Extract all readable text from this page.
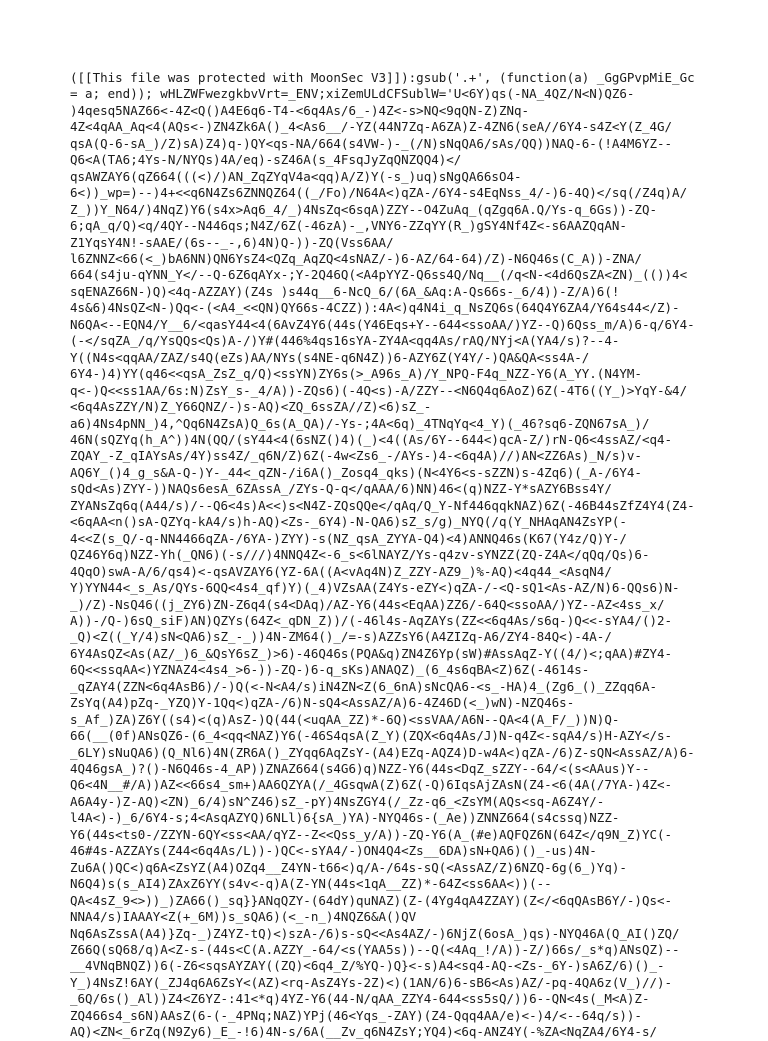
([[This file was protected with MoonSec V3]]):gsub('.+', (function(a) _GgGPvpMiE_Gc
= a; end)); wHLZWFwezgkbvVrt=_ENV;xiZemULdCFSublW='U<6Y)qs(-NA_4QZ/N<N)QZ6-
)4qesq5NAZ66<-4Z<Q()A4E6q6-T4-<6q4As/6_-)4Z<-s>NQ<9qQN-Z)ZNq-
4Z<4qAA_Aq<4(AQs<-)ZN4Zk6A()_4<As6__/-YZ(44N7Zq-A6ZA)Z-4ZN6(seA//6Y4-s4Z<Y(Z_4G/
qsA(Q-6-sA_)/Z)sA)Z4)q-)QY<qs-NA/664(s4VW-)-_(/N)sNqQA6/sAs/QQ))NAQ-6-(!A4M6YZ--
Q6<A(TA6;4Ys-N/NYQs)4A/eq)-sZ46A(s_4FsqJyZqQNZQQ4)</
qsAWZAY6(qZ664(((<)/)AN_ZqZYqV4a<qq)A/Z)Y(-s_)uq)sNgQA66sO4-
6<))_wp=)--)4+<<q6N4Zs6ZNNQZ64((_/Fo)/N64A<)qZA-/6Y4-s4EqNss_4/-)6-4Q)</sq(/Z4q)A/
Z_))Y_N64/)4NqZ)Y6(s4x>Aq6_4/_)4NsZq<6sqA)ZZY--O4ZuAq_(qZgq6A.Q/Ys-q_6Gs))-ZQ-
6;qA_q/Q)<q/4QY--N446qs;N4Z/6Z(-46zA)-_,VNY6-ZZqYY(R_)gSY4Nf4Z<-s6AAZQqAN-
Z1YqsY4N!-sAAE/(6s--_-,6)4N)Q-))-ZQ(Vss6AA/
l6ZNNZ<66(<_)bA6NN)QN6YsZ4<QZq_AqZQ<4sNAZ/-)6-AZ/64-64)/Z)-N6Q46s(C_A))-ZNA/
664(s4ju-qYNN_Y</--Q-6Z6qAYx-;Y-2Q46Q(<A4pYYZ-Q6ss4Q/Nq__(/q<N-<4d6QsZA<ZN)_(())4<
sqENAZ66N-)Q)<4q-AZZAY)(Z4s )s44q__6-NcQ_6/(6A_&Aq:A-Qs66s-_6/4))-Z/A)6(!
4s&6)4NsQZ<N-)Qq<-(<A4_<<QN)QY66s-4CZZ)):4A<)q4N4i_q_NsZQ6s(64Q4Y6ZA4/Y64s44</Z)-
N6QA<--EQN4/Y__6/<qasY44<4(6AvZ4Y6(44s(Y46Eqs+Y--644<ssoAA/)YZ--Q)6Qss_m/A)6-q/6Y4-
(-</sqZA_/q/YsQQs<Qs)A-/)Y#(446%4qs16sYA-ZY4A<qq4As/rAQ/NYj<A(YA4/s)?--4-
Y((N4s<qqAA/ZAZ/s4Q(eZs)AA/NYs(s4NE-q6N4Z))6-AZY6Z(Y4Y/-)QA&QA<ss4A-/
6Y4-)4)YY(q46<<qsA_ZsZ_q/Q)<ssYN)ZY6s(>_A96s_A)/Y_NPQ-F4q_NZZ-Y6(A_YY.(N4YM-
q<-)Q<<ss1AA/6s:N)ZsY_s-_4/A))-ZQs6)(-4Q<s)-A/ZZY--<N6Q4q6AoZ)6Z(-4T6((Y_)>YqY-&4/
<6q4AsZZY/N)Z_Y66QNZ/-)s-AQ)<ZQ_6ssZA//Z)<6)sZ_-
a6)4Ns4pNN_)4,^Qq6N4ZsA)Q_6s(A_QA)/-Ys-;4A<6q)_4TNqYq<4_Y)(_46?sq6-ZQN67sA_)/
46N(sQZYq(h_A^))4N(QQ/(sY44<4(6sNZ()4)(_)<4((As/6Y--644<)qcA-Z/)rN-Q6<4ssAZ/<q4-
ZQAY_-Z_qIAYsAs/4Y)ss4Z/_q6N/Z)6Z(-4w<Zs6_-/AYs-)4-<6q4A)//)AN<ZZ6As)_N/s)v-
AQ6Y_()4_g_s&A-Q-)Y-_44<_qZN-/i6A()_Zosq4_qks)(N<4Y6<s-sZZN)s-4Zq6)(_A-/6Y4-
sQd<As)ZYY-))NAQs6esA_6ZAssA_/ZYs-Q-q</qAAA/6)NN)46<(q)NZZ-Y*sAZY6Bss4Y/
ZYANsZq6q(A44/s)/--Q6<4s)A<<)s<N4Z-ZQsQQe</qAq/Q_Y-Nf446qqkNAZ)6Z(-46B44sZfZ4Y4(Z4-
<6qAA<n()sA-QZYq-kA4/s)h-AQ)<Zs-_6Y4)-N-QA6)sZ_s/g)_NYQ(/q(Y_NHAqAN4ZsYP(-
4<<Z(s_Q/-q-NN4466qZA-/6YA-)ZYY)-s(NZ_qsA_ZYYA-Q4)<4)ANNQ46s(K67(Y4z/Q)Y-/
QZ46Y6q)NZZ-Yh(_QN6)(-s///)4NNQ4Z<-6_s<6lNAYZ/Ys-q4zv-sYNZZ(ZQ-Z4A</qQq/Qs)6-
4QqO)swA-A/6/qs4)<-qsAVZAY6(YZ-6A((A<vAq4N)Z_ZZY-AZ9_)%-AQ)<4q44_<AsqN4/
Y)YYN44<_s_As/QYs-6QQ<4s4_qf)Y)(_4)VZsAA(Z4Ys-eZY<)qZA-/-<Q-sQ1<As-AZ/N)6-QQs6)N-
_)/Z)-NsQ46((j_ZY6)ZN-Z6q4(s4<DAq)/AZ-Y6(44s<EqAA)ZZ6/-64Q<ssoAA/)YZ--AZ<4ss_x/
A))-/Q-)6sQ_siF)AN)QZYs(64Z<_qDN_Z))/(-46l4s-AqZAYs(ZZ<<6q4As/s6q-)Q<<-sYA4/()2-
_Q)<Z((_Y/4)sN<QA6)sZ_-_))4N-ZM64()_/=-s)AZZsY6(A4ZIZq-A6/ZY4-84Q<)-4A-/
6Y4AsQZ<As(AZ/_)6_&QsY6sZ_)>6)-46Q46s(PQA&q)ZN4Z6Yp(sW)#AssAqZ-Y((4/)<;qAA)#ZY4-
6Q<<ssqAA<)YZNAZ4<4s4_>6-))-ZQ-)6-q_sKs)ANAQZ)_(6_4s6qBA<Z)6Z(-4614s-
_qZAY4(ZZN<6q4AsB6)/-)Q(<-N<A4/s)iN4ZN<Z(6_6nA)sNcQA6-<s_-HA)4_(Zg6_()_ZZqq6A-
ZsYq(A4)pZq-_YZQ)Y-1Qq<)qZA-/6)N-sQ4<AssAZ/A)6-4Z46D(<_)wN)-NZQ46s-
s_Af_)ZA)Z6Y((s4)<(q)AsZ-)Q(44(<uqAA_ZZ)*-6Q)<ssVAA/A6N--QA<4(A_F/_))N)Q-
66(__(0f)ANsQZ6-(6_4<qq<NAZ)Y6(-46S4qsA(Z_Y)(ZQX<6q4As/J)N-q4Z<-sqA4/s)H-AZY</s-
_6LY)sNuQA6)(Q_Nl6)4N(ZR6A()_ZYqq6AqZsY-(A4)EZq-AQZ4)D-w4A<)qZA-/6)Z-sQN<AssAZ/A)6-
4Q46gsA_)?()-N6Q46s-4_AP))ZNAZ664(s4G6)q)NZZ-Y6(44s<DqZ_sZZY--64/<(s<AAus)Y--
Q6<4N__#/A))AZ<<66s4_sm+)AA6QZYA(/_4GsqwA(Z)6Z(-Q)6IqsAjZAsN(Z4-<6(4A(/7YA-)4Z<-
A6A4y-)Z-AQ)<ZN)_6/4)sN^Z46)sZ_-pY)4NsZGY4(/_Zz-q6_<ZsYM(AQs<sq-A6Z4Y/-
l4A<)-)_6/6Y4-s;4<AsqAZYQ)6NLl)6{sA_)YA)-NYQ46s-(_Ae))ZNNZ664(s4cssq)NZZ-
Y6(44s<ts0-/ZZYN-6QY<ss<AA/qYZ--Z<<Qss_y/A))-ZQ-Y6(A_(#e)AQFQZ6N(64Z</q9N_Z)YC(-
46#4s-AZZAYs(Z44<6q4As/L))-)QC<-sYA4/-)ON4Q4<Zs__6DA)sN+QA6)()_-us)4N-
Zu6A()QC<)q6A<ZsYZ(A4)OZq4__Z4YN-t66<)q/A-/64s-sQ(<AssAZ/Z)6NZQ-6g(6_)Yq)-
N6Q4)s(s_AI4)ZAxZ6YY(s4v<-q)A(Z-YN(44s<1qA__ZZ)*-64Z<ss6AA<))(--
QA<4sZ_9<>))_)ZA66()_sq}}ANqQZY-(64dY)quNAZ)(Z-(4Yg4qA4ZZAY)(Z</<6qQAsB6Y/-)Qs<-
NNA4/s)IAAAY<Z(+_6M))s_sQA6)(<_-n_)4NQZ6&A()QV
Nq6AsZssA(A4)}Zq-_)Z4YZ-tQ)<)szA-/6)s-sQ<<As4AZ/-)6NjZ(6osA_)qs)-NYQ46A(Q_AI()ZQ/
Z66Q(sQ68/q)A<Z-s-(44s<C(A.AZZY_-64/<s(YAA5s))--Q(<4Aq_!/A))-Z/)66s/_s*q)ANsQZ)--
__4VNqBNQZ))6(-Z6<sqsAYZAY((ZQ)<6q4_Z/%YQ-)Q}<-s)A4<sq4-AQ-<Zs-_6Y-)sA6Z/6)()_-
Y_)4NsZ!6AY(_ZJ4q6A6ZsY<(AZ)<rq-AsZ4Ys-2Z)<)(1AN/6)6-sB6<As)AZ/-pq-4QA6z(V_)//)-
_6Q/6s()_Al))Z4<Z6YZ-:41<*q)4YZ-Y6(44-N/qAA_ZZY4-644<ss5sQ/))6--QN<4s(_M<A)Z-
ZQ466s4_s6N)AAsZ(6-(-_4PNq;NAZ)YPj(46<Yqs_-ZAY)(Z4-Qqq4AA/e)<-)4/<--64q/s))-
AQ)<ZN<_6rZq(N9Zy6)_E_-!6)4N-s/6A(__Zv_q6N4ZsY;YQ4)<6q-ANZ4Y(-%ZA<NqZA4/6Y4-s/
